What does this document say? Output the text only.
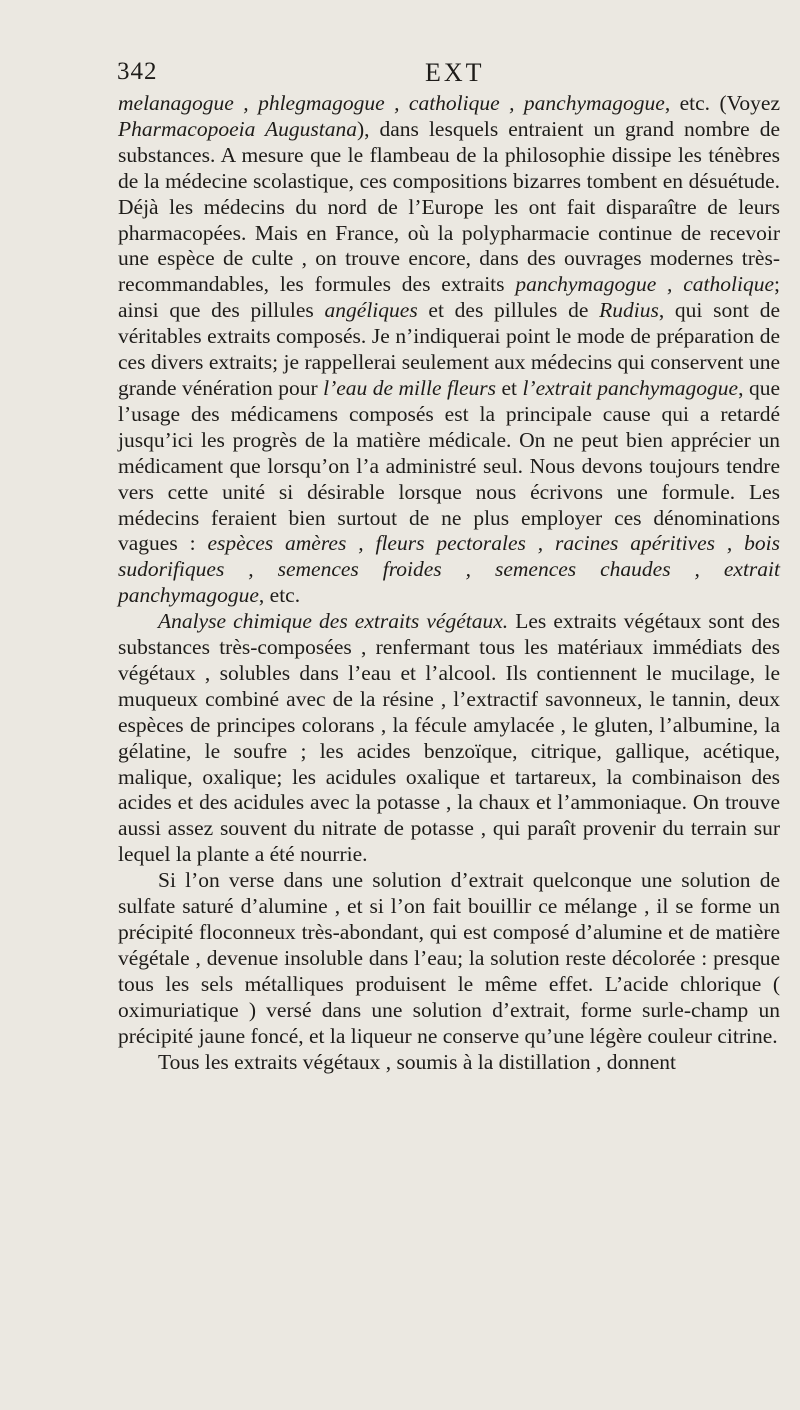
342	EXT

melanagogue , phlegmagogue , catholique , panchymagogue, etc. (Voyez Pharmacopoeia Augustana), dans lesquels entraient un grand nombre de substances. A mesure que le flambeau de la philosophie dissipe les ténèbres de la médecine scolastique, ces compositions bizarres tombent en désuétude. Déjà les médecins du nord de l’Europe les ont fait disparaître de leurs pharmacopées. Mais en France, où la polypharmacie continue de recevoir une espèce de culte , on trouve encore, dans des ouvrages modernes très-recommandables, les formules des extraits panchymagogue , catholique; ainsi que des pillules angéliques et des pillules de Rudius, qui sont de véritables extraits composés. Je n’indiquerai point le mode de préparation de ces divers extraits; je rappellerai seulement aux médecins qui conservent une grande vénération pour l’eau de mille fleurs et l’extrait panchymagogue, que l’usage des médicamens composés est la principale cause qui a retardé jusqu’ici les progrès de la matière médicale. On ne peut bien apprécier un médicament que lorsqu’on l’a administré seul. Nous devons toujours tendre vers cette unité si désirable lorsque nous écrivons une formule. Les médecins feraient bien surtout de ne plus employer ces dénominations vagues : espèces amères , fleurs pectorales , racines apéritives , bois sudorifiques , semences froides , semences chaudes , extrait panchymagogue, etc.

Analyse chimique des extraits végétaux. Les extraits végétaux sont des substances très-composées , renfermant tous les matériaux immédiats des végétaux , solubles dans l’eau et l’alcool. Ils contiennent le mucilage, le muqueux combiné avec de la résine , l’extractif savonneux, le tannin, deux espèces de principes colorans , la fécule amylacée , le gluten, l’albumine, la gélatine, le soufre ; les acides benzoïque, citrique, gallique, acétique, malique, oxalique; les acidules oxalique et tartareux, la combinaison des acides et des acidules avec la potasse , la chaux et l’ammoniaque. On trouve aussi assez souvent du nitrate de potasse , qui paraît provenir du terrain sur lequel la plante a été nourrie.

Si l’on verse dans une solution d’extrait quelconque une solution de sulfate saturé d’alumine , et si l’on fait bouillir ce mélange , il se forme un précipité floconneux très-abondant, qui est composé d’alumine et de matière végétale , devenue insoluble dans l’eau; la solution reste décolorée : presque tous les sels métalliques produisent le même effet. L’acide chlorique ( oximuriatique ) versé dans une solution d’extrait, forme surle-champ un précipité jaune foncé, et la liqueur ne conserve qu’une légère couleur citrine.

Tous les extraits végétaux , soumis à la distillation , donnent
